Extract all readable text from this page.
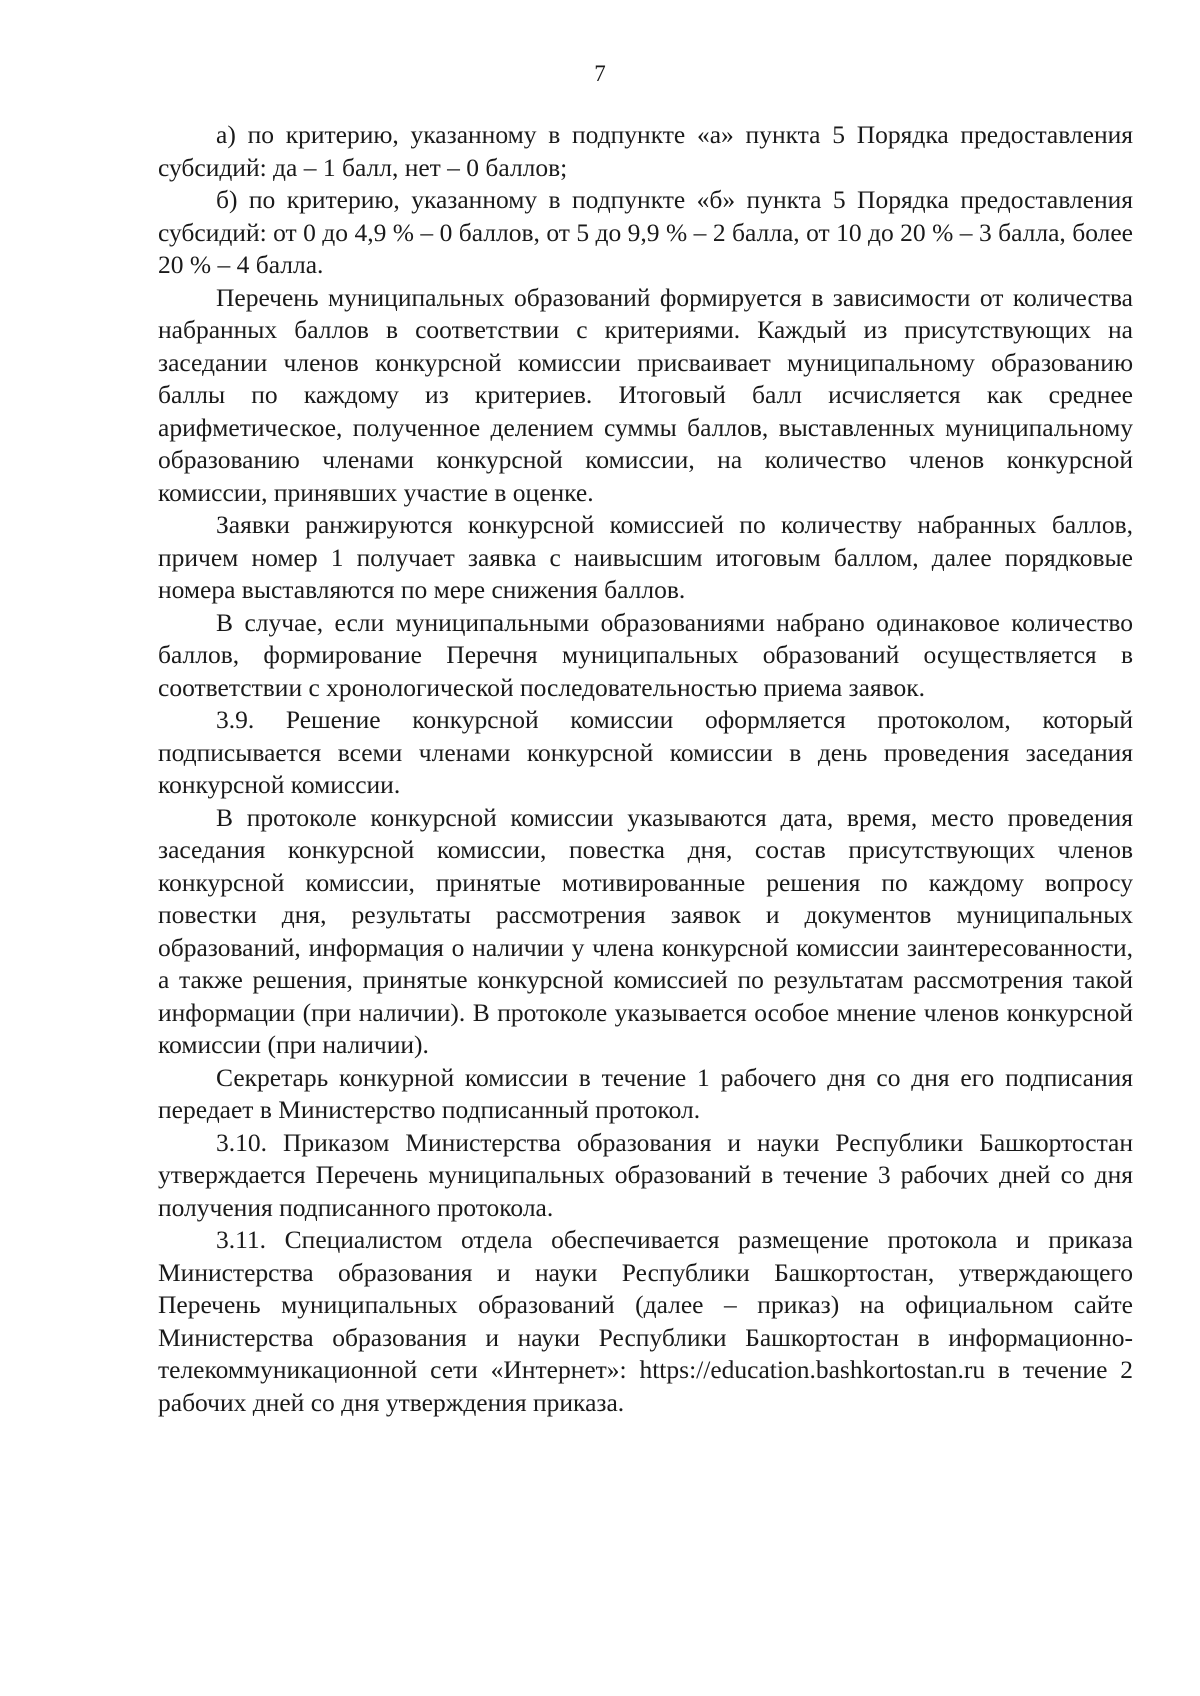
7

а) по критерию, указанному в подпункте «а» пункта 5 Порядка предоставления субсидий: да – 1 балл, нет – 0 баллов;

б) по критерию, указанному в подпункте «б» пункта 5 Порядка предоставления субсидий: от 0 до 4,9 % – 0 баллов, от 5 до 9,9 % – 2 балла, от 10 до 20 % – 3 балла, более 20 % – 4 балла.

Перечень муниципальных образований формируется в зависимости от количества набранных баллов в соответствии с критериями. Каждый из присутствующих на заседании членов конкурсной комиссии присваивает муниципальному образованию баллы по каждому из критериев. Итоговый балл исчисляется как среднее арифметическое, полученное делением суммы баллов, выставленных муниципальному образованию членами конкурсной комиссии, на количество членов конкурсной комиссии, принявших участие в оценке.

Заявки ранжируются конкурсной комиссией по количеству набранных баллов, причем номер 1 получает заявка с наивысшим итоговым баллом, далее порядковые номера выставляются по мере снижения баллов.

В случае, если муниципальными образованиями набрано одинаковое количество баллов, формирование Перечня муниципальных образований осуществляется в соответствии с хронологической последовательностью приема заявок.

3.9. Решение конкурсной комиссии оформляется протоколом, который подписывается всеми членами конкурсной комиссии в день проведения заседания конкурсной комиссии.

В протоколе конкурсной комиссии указываются дата, время, место проведения заседания конкурсной комиссии, повестка дня, состав присутствующих членов конкурсной комиссии, принятые мотивированные решения по каждому вопросу повестки дня, результаты рассмотрения заявок и документов муниципальных образований, информация о наличии у члена конкурсной комиссии заинтересованности, а также решения, принятые конкурсной комиссией по результатам рассмотрения такой информации (при наличии). В протоколе указывается особое мнение членов конкурсной комиссии (при наличии).

Секретарь конкурной комиссии в течение 1 рабочего дня со дня его подписания передает в Министерство подписанный протокол.

3.10. Приказом Министерства образования и науки Республики Башкортостан утверждается Перечень муниципальных образований в течение 3 рабочих дней со дня получения подписанного протокола.

3.11. Специалистом отдела обеспечивается размещение протокола и приказа Министерства образования и науки Республики Башкортостан, утверждающего Перечень муниципальных образований (далее – приказ) на официальном сайте Министерства образования и науки Республики Башкортостан в информационно-телекоммуникационной сети «Интернет»: https://education.bashkortostan.ru в течение 2 рабочих дней со дня утверждения приказа.
